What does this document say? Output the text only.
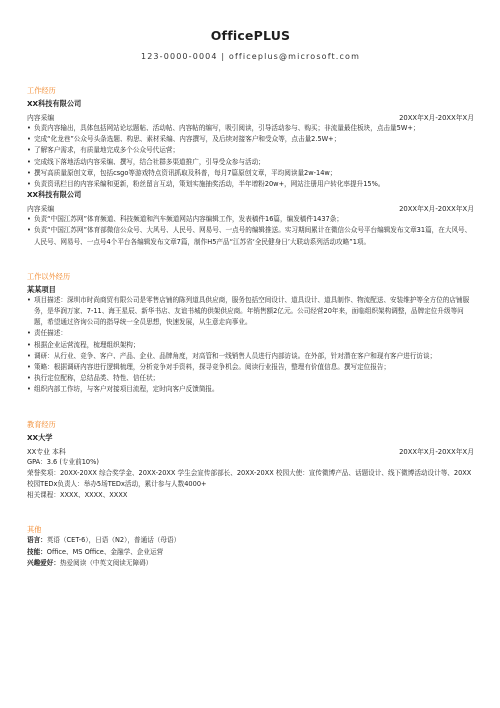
OfficePLUS
123-0000-0004 | officeplus@microsoft.com
工作经历
XX科技有限公司
内容采编	20XX年X月-20XX年X月
• 负责内容输出，具体包括网站论坛题帖、活动帖、内容帖的编写，吸引阅读，引导活动参与、购买；非流量最佳板块，点击量5W+；
• 完成“化龙巷”公众号头条选题、构思、素材采编、内容撰写，及后续对接客户和受众等，点击量2.5W+；
• 了解客户需求，有质量地完成多个公众号代运营；
• 完成线下落地活动内容采编、撰写，结合社群多渠道推广，引导受众参与活动；
• 撰写高质量原创文章，包括csgo等游戏特点资讯抓取及科普，每月7篇原创文章，平均阅读量2w-14w；
• 负责资讯栏目的内容采编和更新，粉丝留言互动，策划实施抽奖活动，半年增粉20w+，网站注册用户转化率提升15%。
XX科技有限公司
内容采编	20XX年X月-20XX年X月
• 负责“中国江苏网”体育频道、科技频道和汽车频道网站内容编辑工作，发表稿件16篇，编发稿件1437条；
• 负责“中国江苏网”体育部微信公众号、大风号、人民号、网易号、一点号的编辑推送。实习期间累计在微信公众号平台编辑发布文章31篇，在大风号、人民号、网易号、一点号4个平台各编辑发布文章7篇，制作H5产品“江苏省‘全民健身日’大联动系列活动攻略”1项。
工作以外经历
某某项目
• 项目描述：深圳市时尚商贸有限公司是零售店铺的陈列道具供应商，服务包括空间设计、道具设计、道具制作、物流配送、安装维护等全方位的店铺服务，是华润万家、7-11、海王星辰、新华书店、友谊书城的供架供应商。年销售额2亿元。公司经营20年来，面临组织架构调整，品牌定位升级等问题，希望通过咨询公司的指导统一全员思想，快速发展，从生意走向事业。
• 责任描述：
• 根据企业运营流程，梳理组织架构；
• 调研：从行业、竞争、客户、产品、企业、品牌角度，对高管和一线销售人员进行内部访谈。在外部，针对潜在客户和现有客户进行访谈；
• 策略：根据调研内容进行逻辑梳理，分析竞争对手资料，探寻竞争机会。阅读行业报告，整理有价值信息。撰写定位报告；
• 执行定位配称，总结品类、特性、信任状；
• 组织内部工作坊，与客户对接项目流程，定时向客户反馈简报。
教育经历
XX大学
XX专业 本科	20XX年X月-20XX年X月
GPA：3.6 (专业前10%)
荣誉奖项：20XX-20XX 综合奖学金、20XX-20XX 学生会宣传部部长、20XX-20XX 校园大使：宣传微博产品、话题设计、线下微博活动设计等、20XX校园TEDx负责人：举办5场TEDx活动，累计参与人数4000+
相关课程：XXXX、XXXX、XXXX
其他
语言：英语（CET-6），日语（N2），普通话（母语）
技能：Office、MS Office、金融学、企业运营
兴趣爱好：热爱阅读（中英文阅读无障碍）
